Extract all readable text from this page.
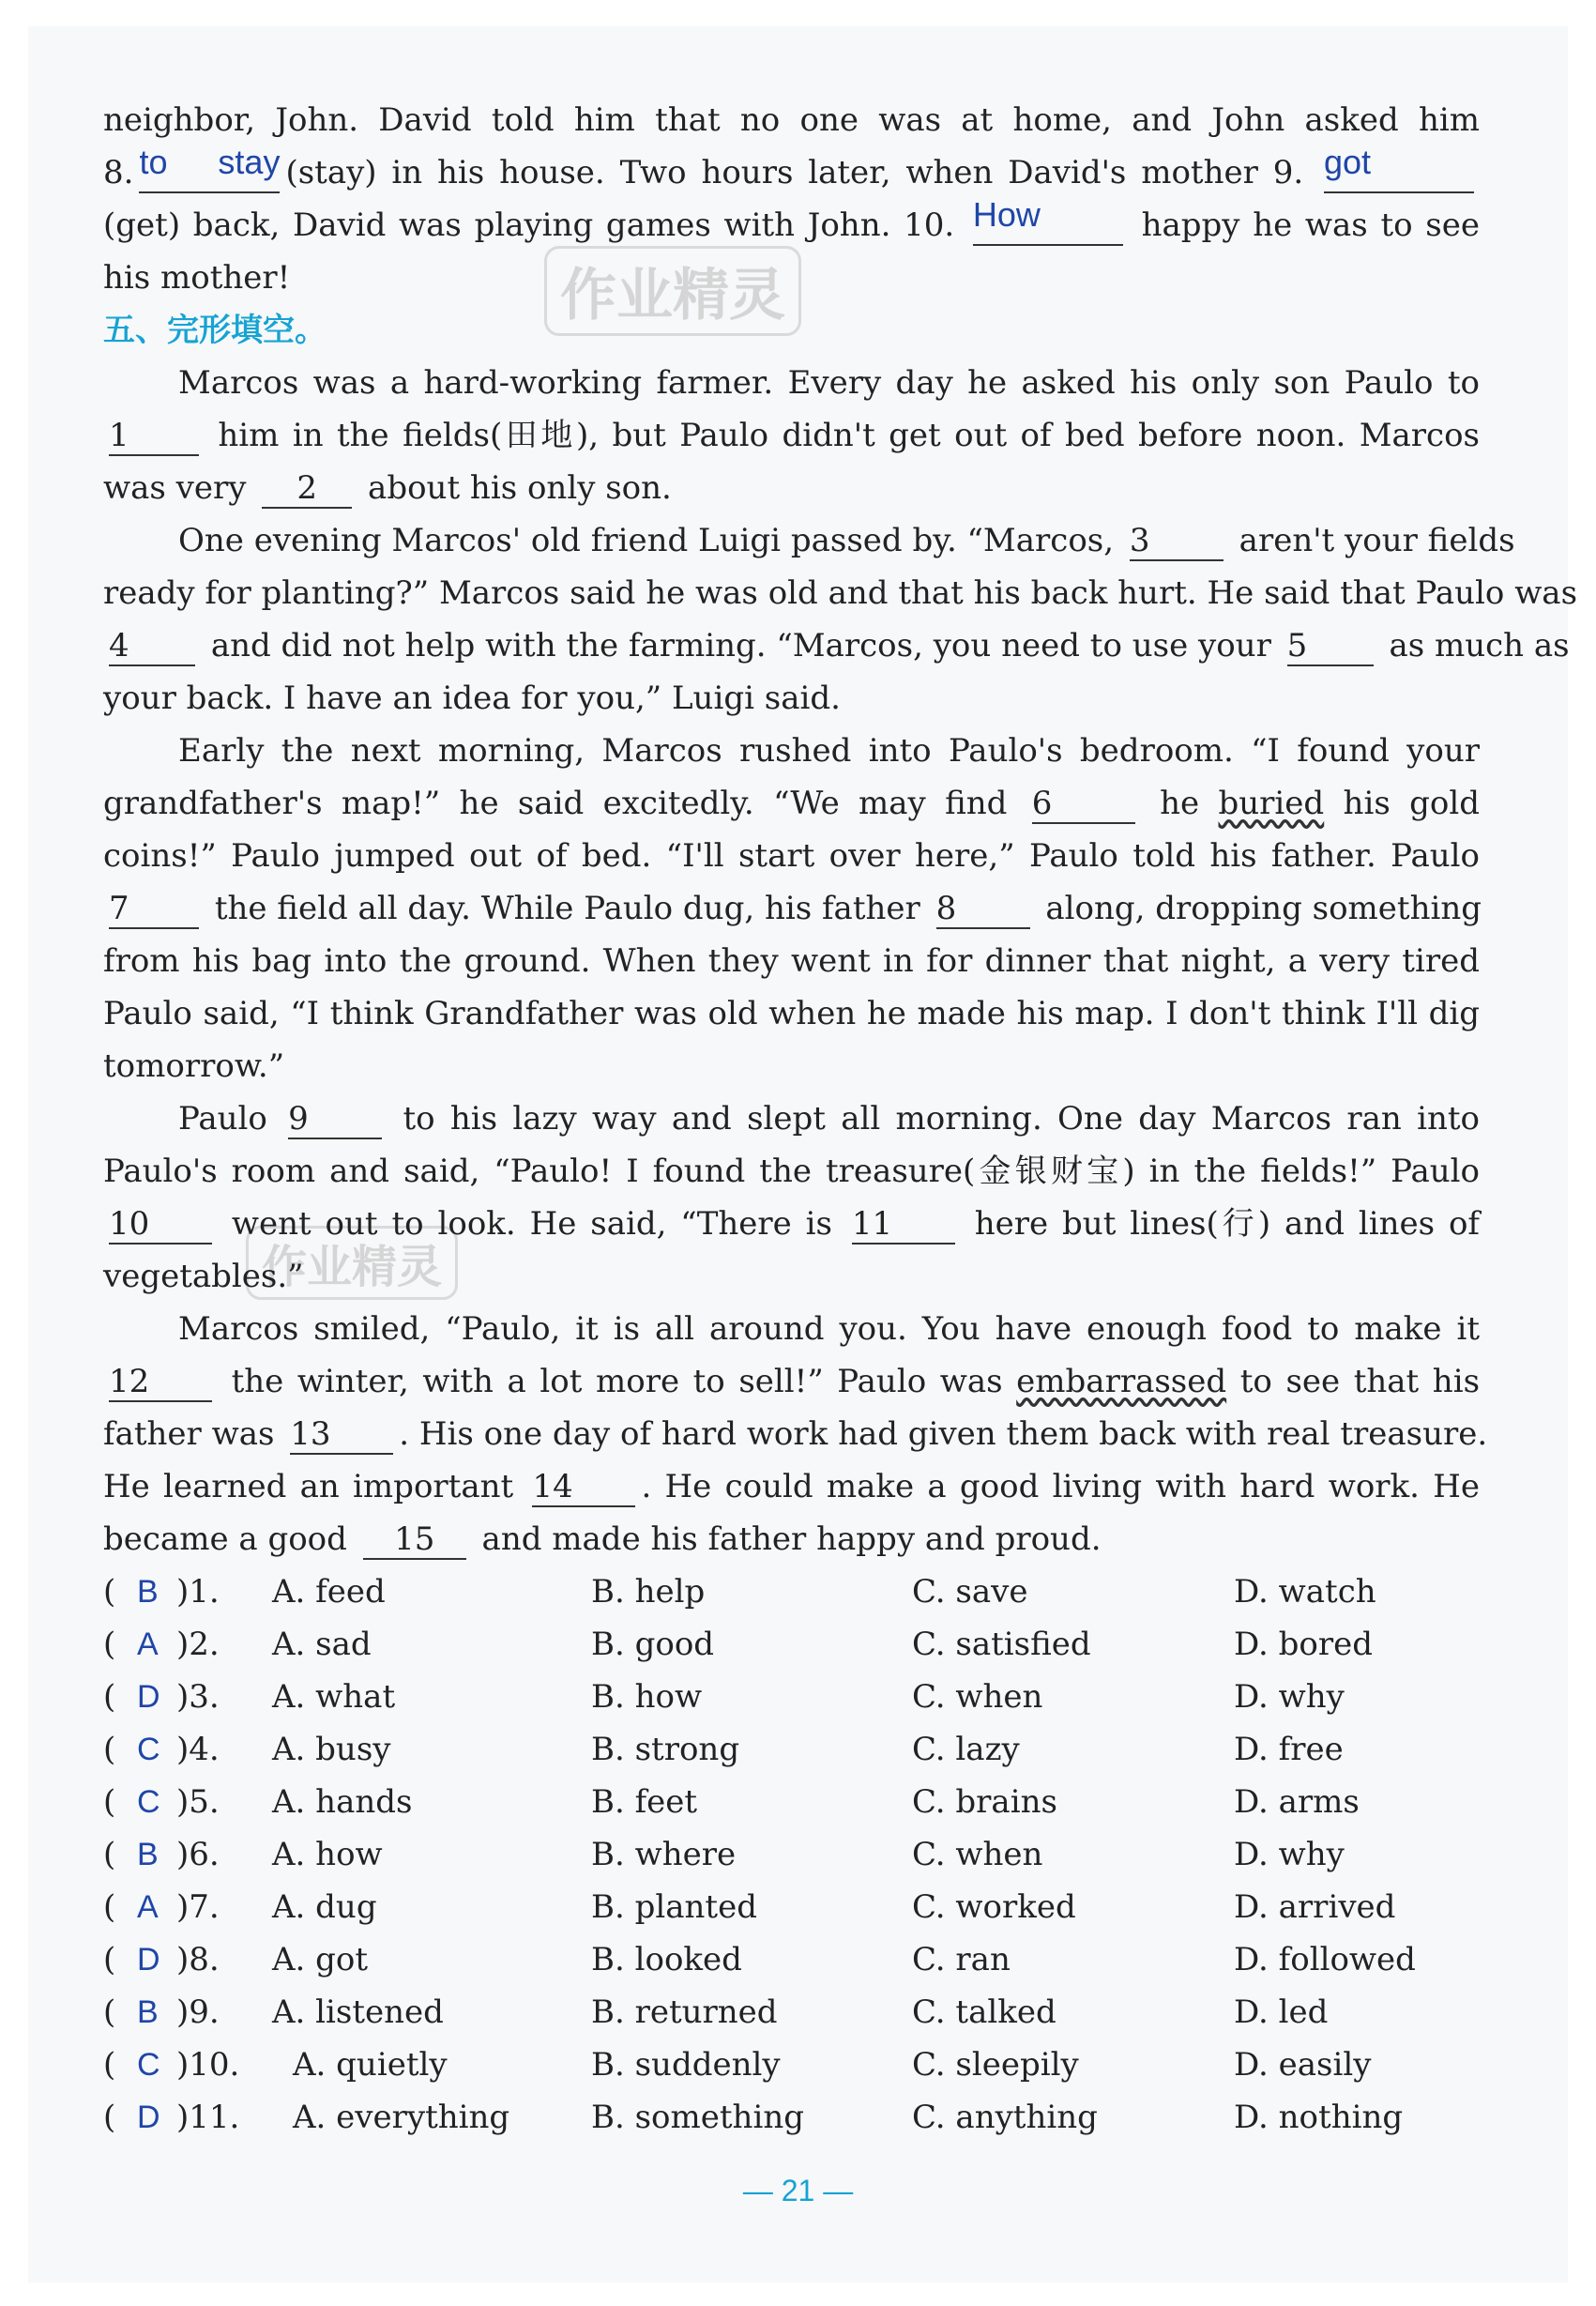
作业精灵
作业精灵
neighbor, John. David told him that no one was at home, and John asked him
8. to stay (stay) in his house. Two hours later, when David's mother 9. got
(get) back, David was playing games with John. 10. How	happy he was to see
his mother!
五、完形填空。
Marcos was a hard-working farmer. Every day he asked his only son Paulo to
1	him in the fields(田地), but Paulo didn't get out of bed before noon. Marcos
was very 2 about his only son.
One evening Marcos' old friend Luigi passed by. “Marcos, 3	aren't your fields
ready for planting?” Marcos said he was old and that his back hurt. He said that Paulo was
4	and did not help with the farming. “Marcos, you need to use your 5	as much as
your back. I have an idea for you,” Luigi said.
Early the next morning, Marcos rushed into Paulo's bedroom. “I found your
grandfather's map!” he said excitedly. “We may find 6	he buried his gold
coins!” Paulo jumped out of bed. “I'll start over here,” Paulo told his father. Paulo
7	the field all day. While Paulo dug, his father 8	along, dropping something
from his bag into the ground. When they went in for dinner that night, a very tired
Paulo said, “I think Grandfather was old when he made his map. I don't think I'll dig
tomorrow.”
Paulo 9	to his lazy way and slept all morning. One day Marcos ran into
Paulo's room and said, “Paulo! I found the treasure(金银财宝) in the fields!” Paulo
10	went out to look. He said, “There is 11	here but lines(行) and lines of
vegetables.”
Marcos smiled, “Paulo, it is all around you. You have enough food to make it
12	the winter, with a lot more to sell!” Paulo was embarrassed to see that his
father was 13 . His one day of hard work had given them back with real treasure.
He learned an important 14 . He could make a good living with hard work. He
became a good 15 and made his father happy and proud.
( B )1. A. feed	B. help	C. save	D. watch
( A )2. A. sad	B. good	C. satisfied	D. bored
( D )3. A. what	B. how	C. when	D. why
( C )4. A. busy	B. strong	C. lazy	D. free
( C )5. A. hands	B. feet	C. brains	D. arms
( B )6. A. how	B. where	C. when	D. why
( A )7. A. dug	B. planted	C. worked	D. arrived
( D )8. A. got	B. looked	C. ran	D. followed
( B )9. A. listened	B. returned	C. talked	D. led
( C )10. A. quietly	B. suddenly	C. sleepily	D. easily
( D )11. A. everything	B. something	C. anything	D. nothing
— 21 —
